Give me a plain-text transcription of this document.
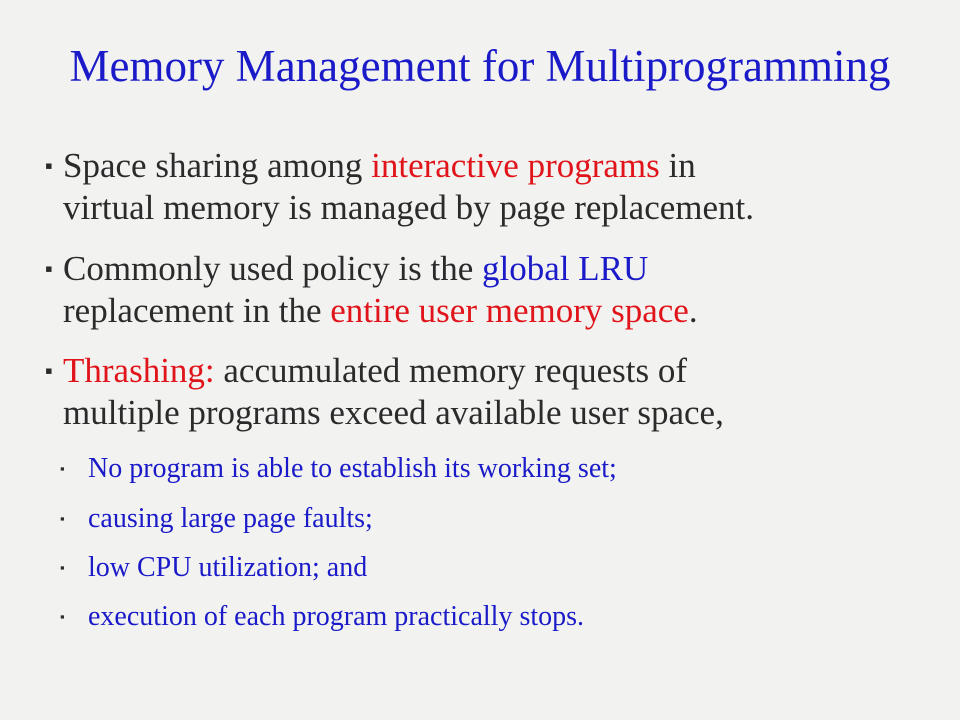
Memory Management for Multiprogramming
▪ Space sharing among interactive programs in
virtual memory is managed by page replacement.
▪ Commonly used policy is the global LRU
replacement in the entire user memory space.
▪ Thrashing: accumulated memory requests of
multiple programs exceed available user space,
▪ No program is able to establish its working set;
▪ causing large page faults;
▪ low CPU utilization; and
▪ execution of each program practically stops.
